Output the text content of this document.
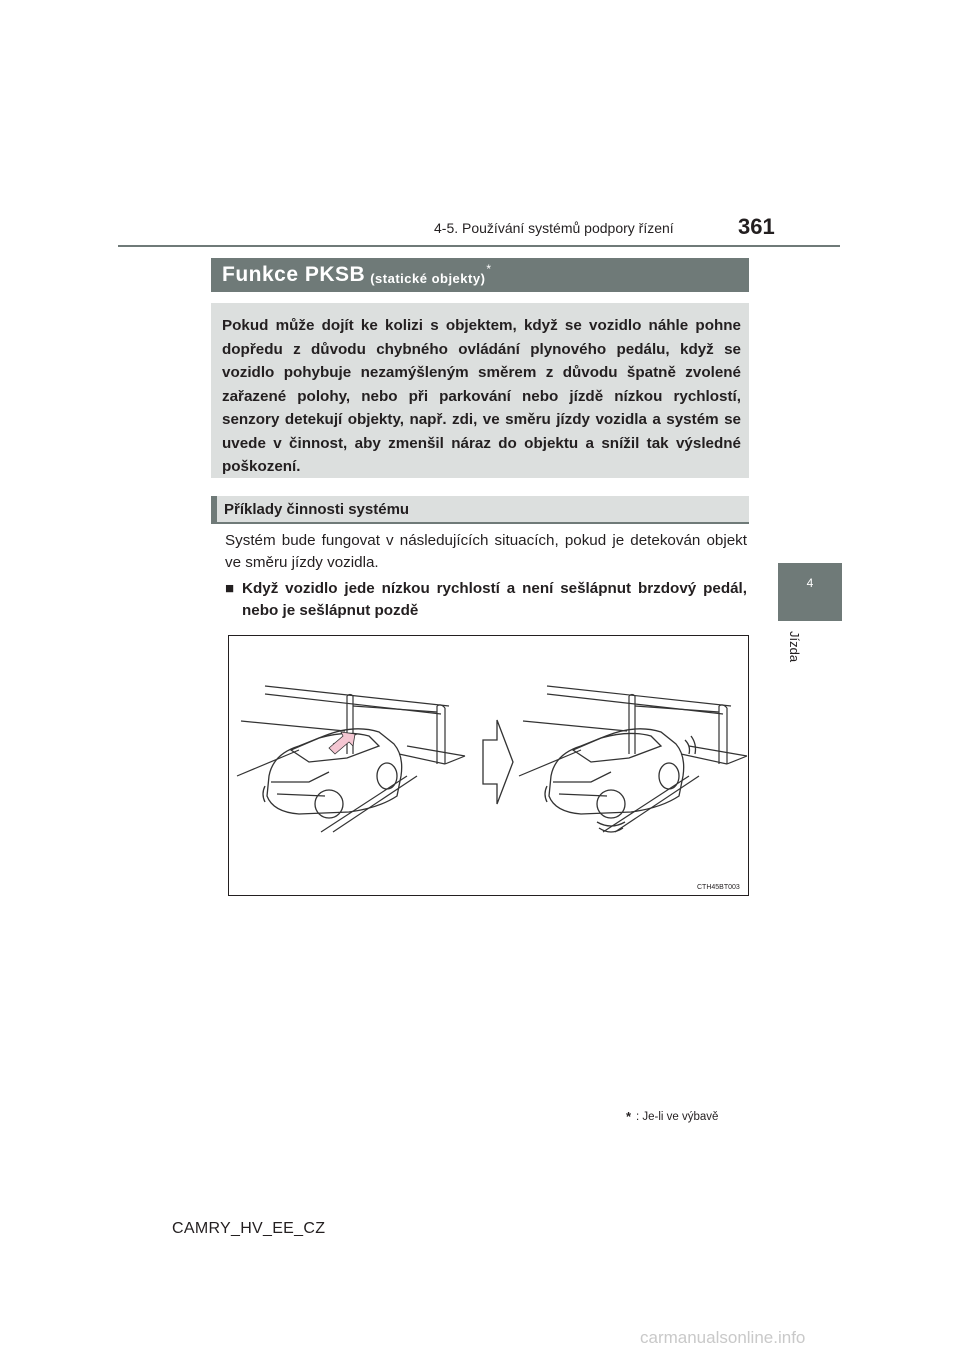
4-5. Používání systémů podpory řízení	361
4
Jízda
Funkce PKSB (statické objekty)
*
Pokud může dojít ke kolizi s objektem, když se vozidlo náhle pohne dopředu z důvodu chybného ovládání plynového pedálu, když se vozidlo pohybuje nezamýšleným směrem z důvodu špatně zvolené zařazené polohy, nebo při parkování nebo jízdě nízkou rychlostí, senzory detekují objekty, např. zdi, ve směru jízdy vozidla a systém se uvede v činnost, aby zmenšil náraz do objektu a snížil tak výsledné poškození.
Příklady činnosti systému
Systém bude fungovat v následujících situacích, pokud je detekován objekt ve směru jízdy vozidla.
■ Když vozidlo jede nízkou rychlostí a není sešlápnut brzdový pedál, nebo je sešlápnut pozdě
CTH45BT003
* : Je-li ve výbavě
CAMRY_HV_EE_CZ
carmanualsonline.info
